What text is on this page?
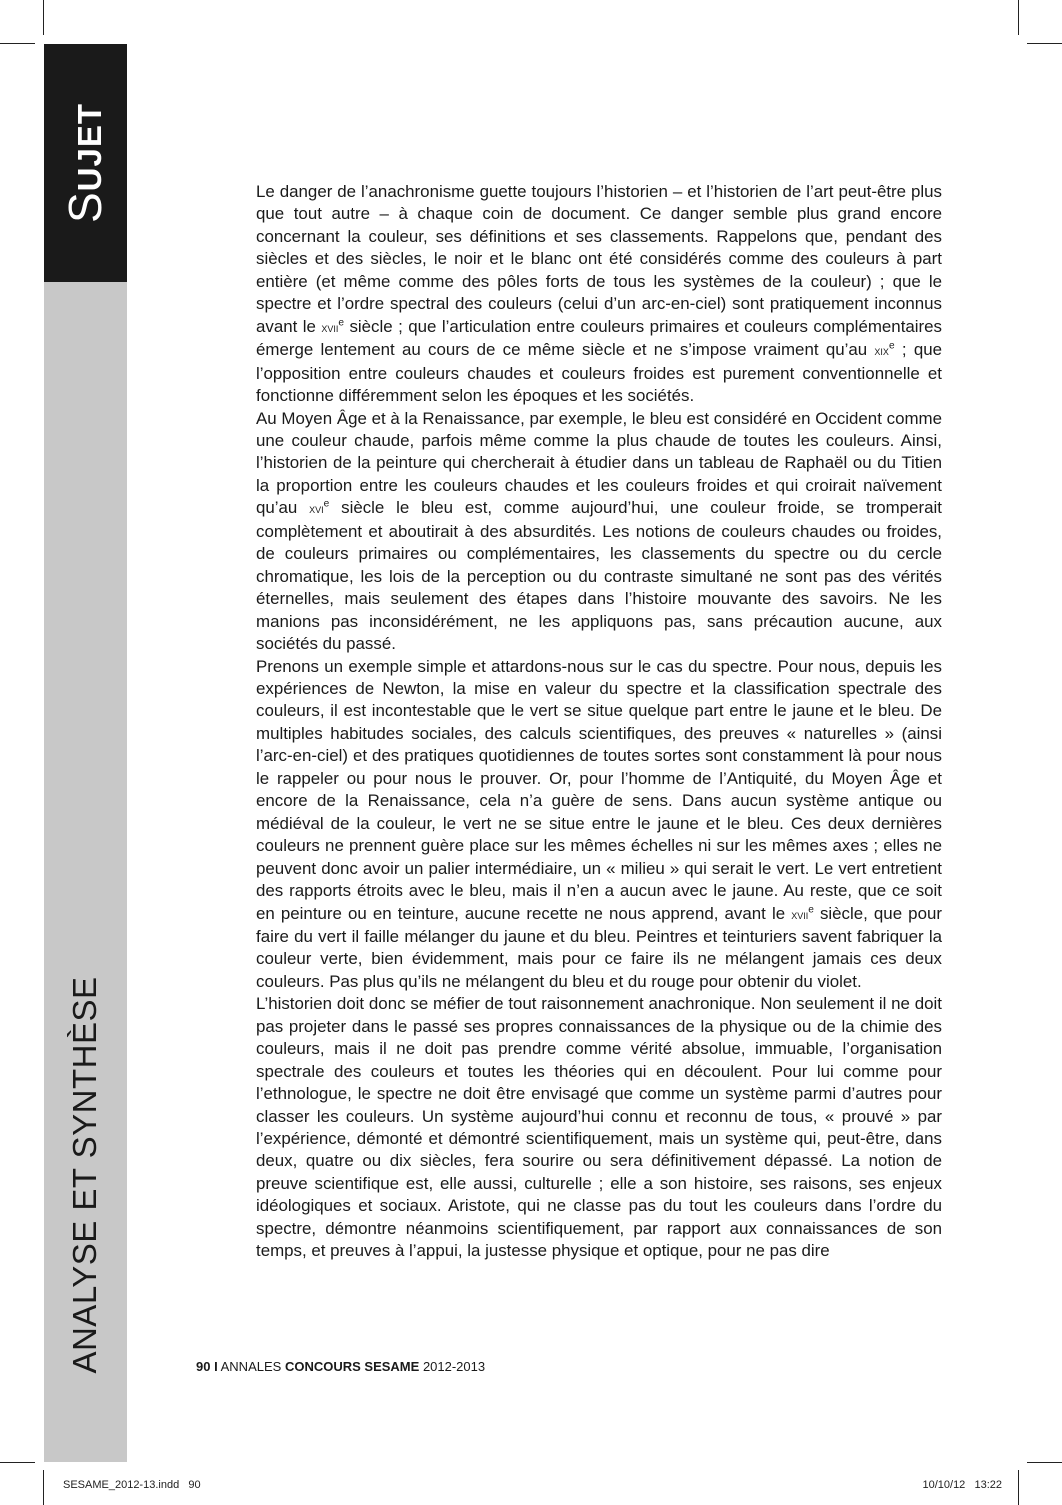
SUJET
ANALYSE ET SYNTHÈSE

Le danger de l’anachronisme guette toujours l’historien – et l’historien de l’art peut-être plus que tout autre – à chaque coin de document. Ce danger semble plus grand encore concernant la couleur, ses définitions et ses classements. Rappelons que, pendant des siècles et des siècles, le noir et le blanc ont été considérés comme des couleurs à part entière (et même comme des pôles forts de tous les systèmes de la couleur) ; que le spectre et l’ordre spectral des couleurs (celui d’un arc-en-ciel) sont pratiquement inconnus avant le xvii$^e$ siècle ; que l’articulation entre couleurs primaires et couleurs complémentaires émerge lentement au cours de ce même siècle et ne s’impose vraiment qu’au xix$^e$ ; que l’opposition entre couleurs chaudes et couleurs froides est purement conventionnelle et fonctionne différemment selon les époques et les sociétés.

Au Moyen Âge et à la Renaissance, par exemple, le bleu est considéré en Occident comme une couleur chaude, parfois même comme la plus chaude de toutes les couleurs. Ainsi, l’historien de la peinture qui chercherait à étudier dans un tableau de Raphaël ou du Titien la proportion entre les couleurs chaudes et les couleurs froides et qui croirait naïvement qu’au xvi$^e$ siècle le bleu est, comme aujourd’hui, une couleur froide, se tromperait complètement et aboutirait à des absurdités. Les notions de couleurs chaudes ou froides, de couleurs primaires ou complémentaires, les classements du spectre ou du cercle chromatique, les lois de la perception ou du contraste simultané ne sont pas des vérités éternelles, mais seulement des étapes dans l’histoire mouvante des savoirs. Ne les manions pas inconsidérément, ne les appliquons pas, sans précaution aucune, aux sociétés du passé.

Prenons un exemple simple et attardons-nous sur le cas du spectre. Pour nous, depuis les expériences de Newton, la mise en valeur du spectre et la classification spectrale des couleurs, il est incontestable que le vert se situe quelque part entre le jaune et le bleu. De multiples habitudes sociales, des calculs scientifiques, des preuves « naturelles » (ainsi l’arc-en-ciel) et des pratiques quotidiennes de toutes sortes sont constamment là pour nous le rappeler ou pour nous le prouver. Or, pour l’homme de l’Antiquité, du Moyen Âge et encore de la Renaissance, cela n’a guère de sens. Dans aucun système antique ou médiéval de la couleur, le vert ne se situe entre le jaune et le bleu. Ces deux dernières couleurs ne prennent guère place sur les mêmes échelles ni sur les mêmes axes ; elles ne peuvent donc avoir un palier intermédiaire, un « milieu » qui serait le vert. Le vert entretient des rapports étroits avec le bleu, mais il n’en a aucun avec le jaune. Au reste, que ce soit en peinture ou en teinture, aucune recette ne nous apprend, avant le xvii$^e$ siècle, que pour faire du vert il faille mélanger du jaune et du bleu. Peintres et teinturiers savent fabriquer la couleur verte, bien évidemment, mais pour ce faire ils ne mélangent jamais ces deux couleurs. Pas plus qu’ils ne mélangent du bleu et du rouge pour obtenir du violet.

L’historien doit donc se méfier de tout raisonnement anachronique. Non seulement il ne doit pas projeter dans le passé ses propres connaissances de la physique ou de la chimie des couleurs, mais il ne doit pas prendre comme vérité absolue, immuable, l’organisation spectrale des couleurs et toutes les théories qui en découlent. Pour lui comme pour l’ethnologue, le spectre ne doit être envisagé que comme un système parmi d’autres pour classer les couleurs. Un système aujourd’hui connu et reconnu de tous, « prouvé » par l’expérience, démonté et démontré scientifiquement, mais un système qui, peut-être, dans deux, quatre ou dix siècles, fera sourire ou sera définitivement dépassé. La notion de preuve scientifique est, elle aussi, culturelle ; elle a son histoire, ses raisons, ses enjeux idéologiques et sociaux. Aristote, qui ne classe pas du tout les couleurs dans l’ordre du spectre, démontre néanmoins scientifiquement, par rapport aux connaissances de son temps, et preuves à l’appui, la justesse physique et optique, pour ne pas dire

90 I ANNALES CONCOURS SESAME 2012-2013
SESAME_2012-13.indd   90	10/10/12   13:22
